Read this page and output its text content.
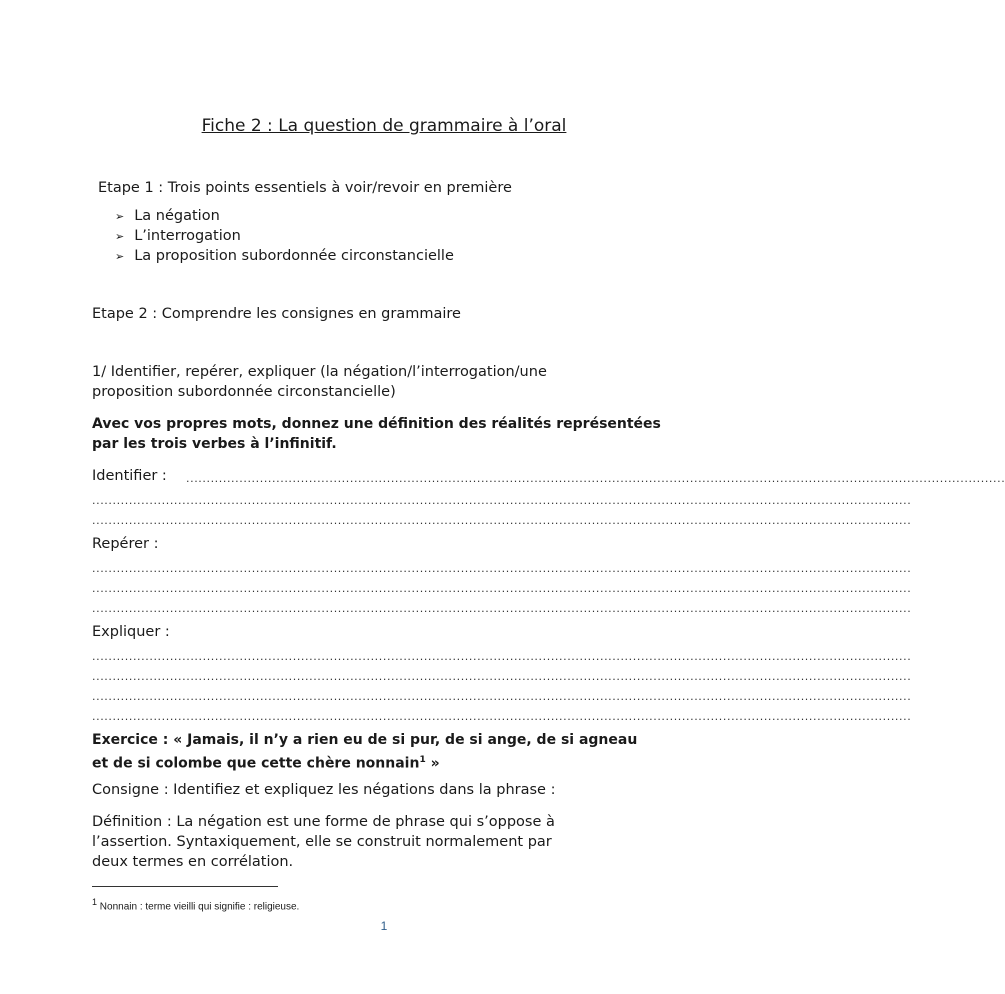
Fiche 2 : La question de grammaire à l’oral
Etape 1 : Trois points essentiels à voir/revoir en première
➢ La négation
➢ L’interrogation
➢ La proposition subordonnée circonstancielle
Etape 2 : Comprendre les consignes en grammaire
1/ Identifier, repérer, expliquer (la négation/l’interrogation/une
proposition subordonnée circonstancielle)
Avec vos propres mots, donnez une définition des réalités représentées
par les trois verbes à l’infinitif.
Identifier : ........................................................................................................................................................................................................
........................................................................................................................................................................................................
........................................................................................................................................................................................................
Repérer :
........................................................................................................................................................................................................
........................................................................................................................................................................................................
........................................................................................................................................................................................................
Expliquer :
........................................................................................................................................................................................................
........................................................................................................................................................................................................
........................................................................................................................................................................................................
........................................................................................................................................................................................................
Exercice : « Jamais, il n’y a rien eu de si pur, de si ange, de si agneau
et de si colombe que cette chère nonnain$^1$ »
Consigne : Identifiez et expliquez les négations dans la phrase :
Définition : La négation est une forme de phrase qui s’oppose à
l’assertion. Syntaxiquement, elle se construit normalement par
deux termes en corrélation.
$^1$ Nonnain : terme vieilli qui signifie : religieuse.
1
